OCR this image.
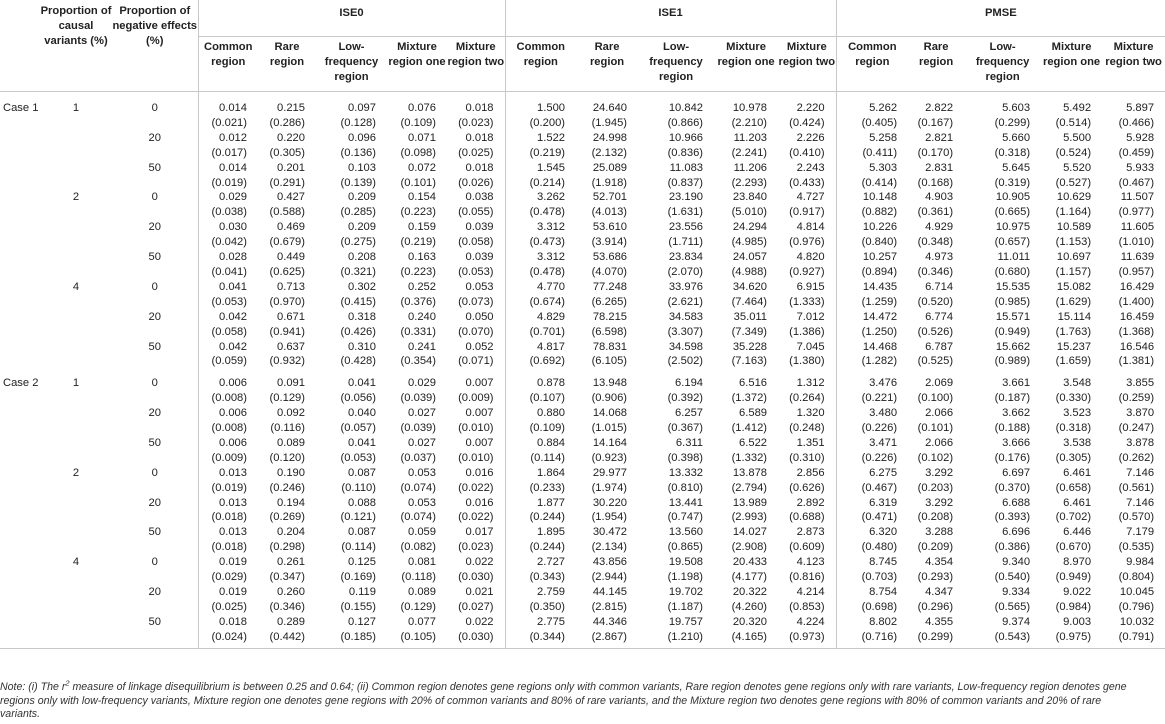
	Proportion of causal variants (%)	Proportion of negative effects (%)	ISE0					ISE1					PMSE				
			Common region	Rare region	Low-frequency region	Mixture region one	Mixture region two	Common region	Rare region	Low-frequency region	Mixture region one	Mixture region two	Common region	Rare region	Low-frequency region	Mixture region one	Mixture region two

Case 1	1	0	0.014	0.215	0.097	0.076	0.018	1.500	24.640	10.842	10.978	2.220	5.262	2.822	5.603	5.492	5.897
			(0.021)	(0.286)	(0.128)	(0.109)	(0.023)	(0.200)	(1.945)	(0.866)	(2.210)	(0.424)	(0.405)	(0.167)	(0.299)	(0.514)	(0.466)
		20	0.012	0.220	0.096	0.071	0.018	1.522	24.998	10.966	11.203	2.226	5.258	2.821	5.660	5.500	5.928
			(0.017)	(0.305)	(0.136)	(0.098)	(0.025)	(0.219)	(2.132)	(0.836)	(2.241)	(0.410)	(0.411)	(0.170)	(0.318)	(0.524)	(0.459)
		50	0.014	0.201	0.103	0.072	0.018	1.545	25.089	11.083	11.206	2.243	5.303	2.831	5.645	5.520	5.933
			(0.019)	(0.291)	(0.139)	(0.101)	(0.026)	(0.214)	(1.918)	(0.837)	(2.293)	(0.433)	(0.414)	(0.168)	(0.319)	(0.527)	(0.467)
	2	0	0.029	0.427	0.209	0.154	0.038	3.262	52.701	23.190	23.840	4.727	10.148	4.903	10.905	10.629	11.507
			(0.038)	(0.588)	(0.285)	(0.223)	(0.055)	(0.478)	(4.013)	(1.631)	(5.010)	(0.917)	(0.882)	(0.361)	(0.665)	(1.164)	(0.977)
		20	0.030	0.469	0.209	0.159	0.039	3.312	53.610	23.556	24.294	4.814	10.226	4.929	10.975	10.589	11.605
			(0.042)	(0.679)	(0.275)	(0.219)	(0.058)	(0.473)	(3.914)	(1.711)	(4.985)	(0.976)	(0.840)	(0.348)	(0.657)	(1.153)	(1.010)
		50	0.028	0.449	0.208	0.163	0.039	3.312	53.686	23.834	24.057	4.820	10.257	4.973	11.011	10.697	11.639
			(0.041)	(0.625)	(0.321)	(0.223)	(0.053)	(0.478)	(4.070)	(2.070)	(4.988)	(0.927)	(0.894)	(0.346)	(0.680)	(1.157)	(0.957)
	4	0	0.041	0.713	0.302	0.252	0.053	4.770	77.248	33.976	34.620	6.915	14.435	6.714	15.535	15.082	16.429
			(0.053)	(0.970)	(0.415)	(0.376)	(0.073)	(0.674)	(6.265)	(2.621)	(7.464)	(1.333)	(1.259)	(0.520)	(0.985)	(1.629)	(1.400)
		20	0.042	0.671	0.318	0.240	0.050	4.829	78.215	34.583	35.011	7.012	14.472	6.774	15.571	15.114	16.459
			(0.058)	(0.941)	(0.426)	(0.331)	(0.070)	(0.701)	(6.598)	(3.307)	(7.349)	(1.386)	(1.250)	(0.526)	(0.949)	(1.763)	(1.368)
		50	0.042	0.637	0.310	0.241	0.052	4.817	78.831	34.598	35.228	7.045	14.468	6.787	15.662	15.237	16.546
			(0.059)	(0.932)	(0.428)	(0.354)	(0.071)	(0.692)	(6.105)	(2.502)	(7.163)	(1.380)	(1.282)	(0.525)	(0.989)	(1.659)	(1.381)

Case 2	1	0	0.006	0.091	0.041	0.029	0.007	0.878	13.948	6.194	6.516	1.312	3.476	2.069	3.661	3.548	3.855
			(0.008)	(0.129)	(0.056)	(0.039)	(0.009)	(0.107)	(0.906)	(0.392)	(1.372)	(0.264)	(0.221)	(0.100)	(0.187)	(0.330)	(0.259)
		20	0.006	0.092	0.040	0.027	0.007	0.880	14.068	6.257	6.589	1.320	3.480	2.066	3.662	3.523	3.870
			(0.008)	(0.116)	(0.057)	(0.039)	(0.010)	(0.109)	(1.015)	(0.367)	(1.412)	(0.248)	(0.226)	(0.101)	(0.188)	(0.318)	(0.247)
		50	0.006	0.089	0.041	0.027	0.007	0.884	14.164	6.311	6.522	1.351	3.471	2.066	3.666	3.538	3.878
			(0.009)	(0.120)	(0.053)	(0.037)	(0.010)	(0.114)	(0.923)	(0.398)	(1.332)	(0.310)	(0.226)	(0.102)	(0.176)	(0.305)	(0.262)
	2	0	0.013	0.190	0.087	0.053	0.016	1.864	29.977	13.332	13.878	2.856	6.275	3.292	6.697	6.461	7.146
			(0.019)	(0.246)	(0.110)	(0.074)	(0.022)	(0.233)	(1.974)	(0.810)	(2.794)	(0.626)	(0.467)	(0.203)	(0.370)	(0.658)	(0.561)
		20	0.013	0.194	0.088	0.053	0.016	1.877	30.220	13.441	13.989	2.892	6.319	3.292	6.688	6.461	7.146
			(0.018)	(0.269)	(0.121)	(0.074)	(0.022)	(0.244)	(1.954)	(0.747)	(2.993)	(0.688)	(0.471)	(0.208)	(0.393)	(0.702)	(0.570)
		50	0.013	0.204	0.087	0.059	0.017	1.895	30.472	13.560	14.027	2.873	6.320	3.288	6.696	6.446	7.179
			(0.018)	(0.298)	(0.114)	(0.082)	(0.023)	(0.244)	(2.134)	(0.865)	(2.908)	(0.609)	(0.480)	(0.209)	(0.386)	(0.670)	(0.535)
	4	0	0.019	0.261	0.125	0.081	0.022	2.727	43.856	19.508	20.433	4.123	8.745	4.354	9.340	8.970	9.984
			(0.029)	(0.347)	(0.169)	(0.118)	(0.030)	(0.343)	(2.944)	(1.198)	(4.177)	(0.816)	(0.703)	(0.293)	(0.540)	(0.949)	(0.804)
		20	0.019	0.260	0.119	0.089	0.021	2.759	44.145	19.702	20.322	4.214	8.754	4.347	9.334	9.022	10.045
			(0.025)	(0.346)	(0.155)	(0.129)	(0.027)	(0.350)	(2.815)	(1.187)	(4.260)	(0.853)	(0.698)	(0.296)	(0.565)	(0.984)	(0.796)
		50	0.018	0.289	0.127	0.077	0.022	2.775	44.346	19.757	20.320	4.224	8.802	4.355	9.374	9.003	10.032
			(0.024)	(0.442)	(0.185)	(0.105)	(0.030)	(0.344)	(2.867)	(1.210)	(4.165)	(0.973)	(0.716)	(0.299)	(0.543)	(0.975)	(0.791)

Note: (i) The $r^2$ measure of linkage disequilibrium is between 0.25 and 0.64; (ii) Common region denotes gene regions only with common variants, Rare region denotes gene regions only with rare variants, Low-frequency region denotes gene regions only with low-frequency variants, Mixture region one denotes gene regions with 20% of common variants and 80% of rare variants, and the Mixture region two denotes gene regions with 80% of common variants and 20% of rare variants.
